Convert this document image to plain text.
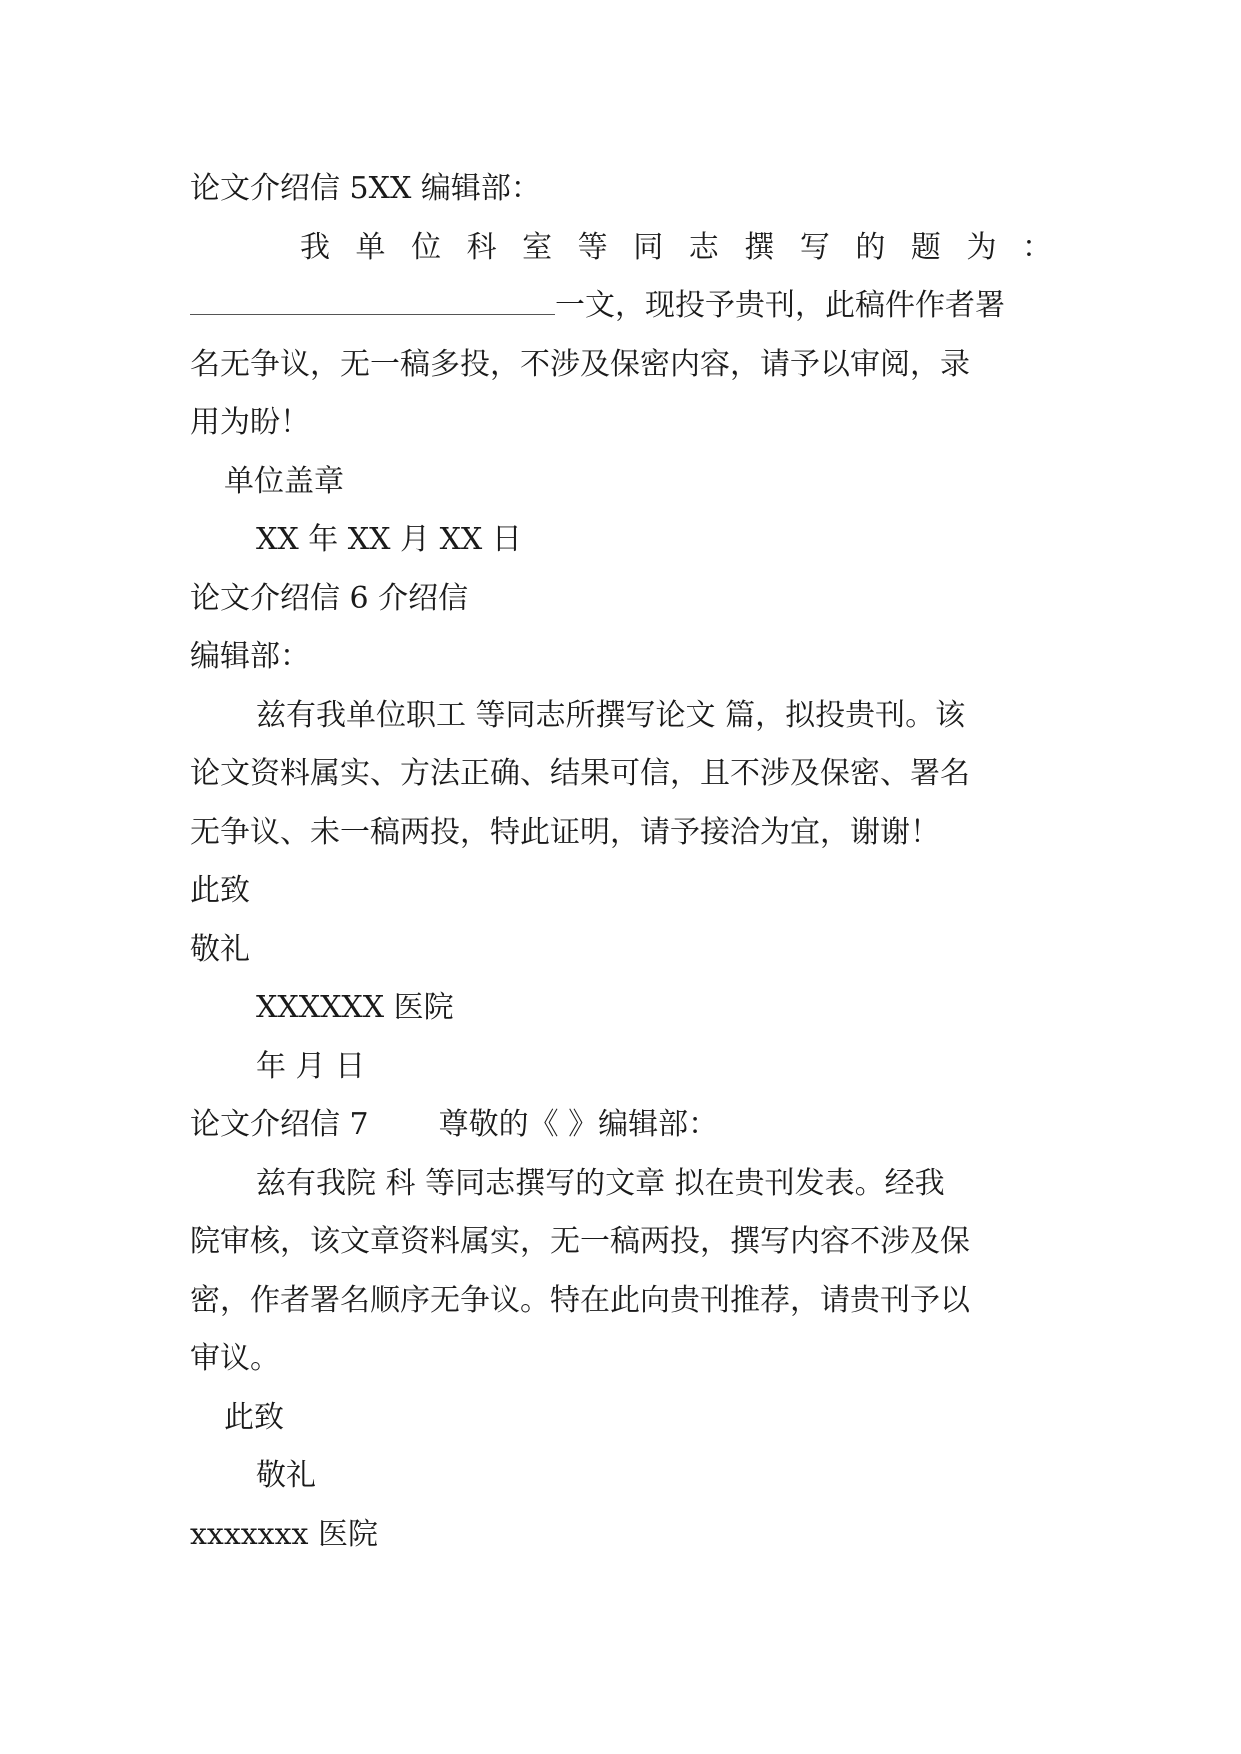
论文介绍信 5XX 编辑部：
我 单 位 科 室 等 同 志 撰 写 的 题 为 ：
一文，现投予贵刊，此稿件作者署
名无争议，无一稿多投，不涉及保密内容，请予以审阅，录
用为盼！
单位盖章
XX 年 XX 月 XX 日
论文介绍信 6 介绍信
编辑部：
兹有我单位职工 等同志所撰写论文 篇，拟投贵刊。该
论文资料属实、方法正确、结果可信，且不涉及保密、署名
无争议、未一稿两投，特此证明，请予接洽为宜，谢谢！
此致
敬礼
XXXXXX 医院
年 月 日
论文介绍信 7 尊敬的《 》编辑部：
兹有我院 科 等同志撰写的文章 拟在贵刊发表。经我
院审核，该文章资料属实，无一稿两投，撰写内容不涉及保
密，作者署名顺序无争议。特在此向贵刊推荐，请贵刊予以
审议。
此致
敬礼
xxxxxxx 医院
